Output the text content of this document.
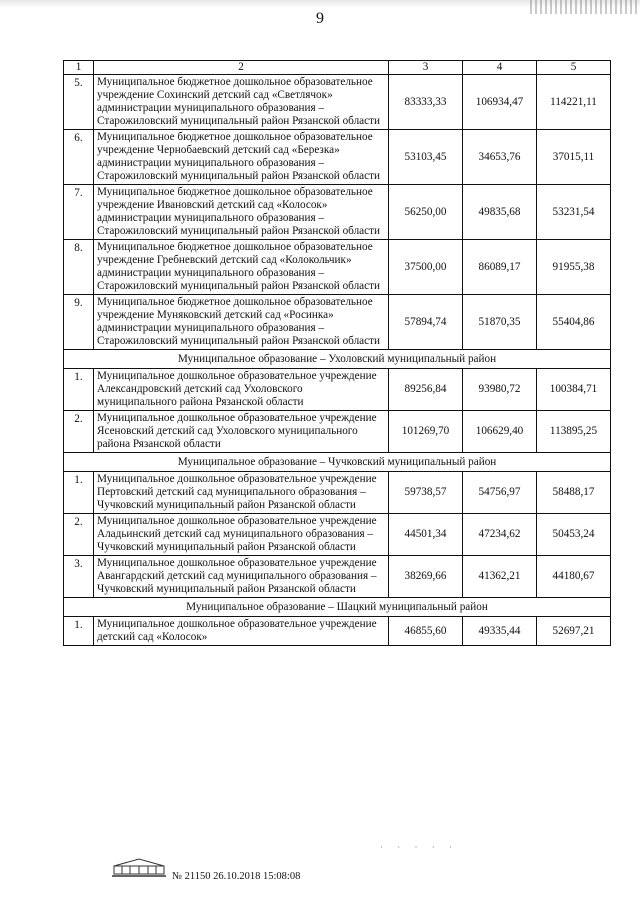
9
1	2	3	4	5
5.	Муниципальное бюджетное дошкольное образовательное учреждение Сохинский детский сад «Светлячок» администрации муниципального образования – Старожиловский муниципальный район Рязанской области	83333,33	106934,47	114221,11
6.	Муниципальное бюджетное дошкольное образовательное учреждение Чернобаевский детский сад «Березка» администрации муниципального образования – Старожиловский муниципальный район Рязанской области	53103,45	34653,76	37015,11
7.	Муниципальное бюджетное дошкольное образовательное учреждение Ивановский детский сад «Колосок» администрации муниципального образования – Старожиловский муниципальный район Рязанской области	56250,00	49835,68	53231,54
8.	Муниципальное бюджетное дошкольное образовательное учреждение Гребневский детский сад «Колокольчик» администрации муниципального образования – Старожиловский муниципальный район Рязанской области	37500,00	86089,17	91955,38
9.	Муниципальное бюджетное дошкольное образовательное учреждение Муняковский детский сад «Росинка» администрации муниципального образования – Старожиловский муниципальный район Рязанской области	57894,74	51870,35	55404,86
Муниципальное образование – Ухоловский муниципальный район				
1.	Муниципальное дошкольное образовательное учреждение Александровский детский сад Ухоловского муниципального района Рязанской области	89256,84	93980,72	100384,71
2.	Муниципальное дошкольное образовательное учреждение Ясеновский детский сад Ухоловского муниципального района Рязанской области	101269,70	106629,40	113895,25
Муниципальное образование – Чучковский муниципальный район				
1.	Муниципальное дошкольное образовательное учреждение Пертовский детский сад муниципального образования – Чучковский муниципальный район Рязанской области	59738,57	54756,97	58488,17
2.	Муниципальное дошкольное образовательное учреждение Аладьинский детский сад муниципального образования – Чучковский муниципальный район Рязанской области	44501,34	47234,62	50453,24
3.	Муниципальное дошкольное образовательное учреждение Авангардский детский сад муниципального образования – Чучковский муниципальный район Рязанской области	38269,66	41362,21	44180,67
Муниципальное образование – Шацкий муниципальный район				
1.	Муниципальное дошкольное образовательное учреждение детский сад «Колосок»	46855,60	49335,44	52697,21
№ 21150 26.10.2018 15:08:08
· · · · ·
